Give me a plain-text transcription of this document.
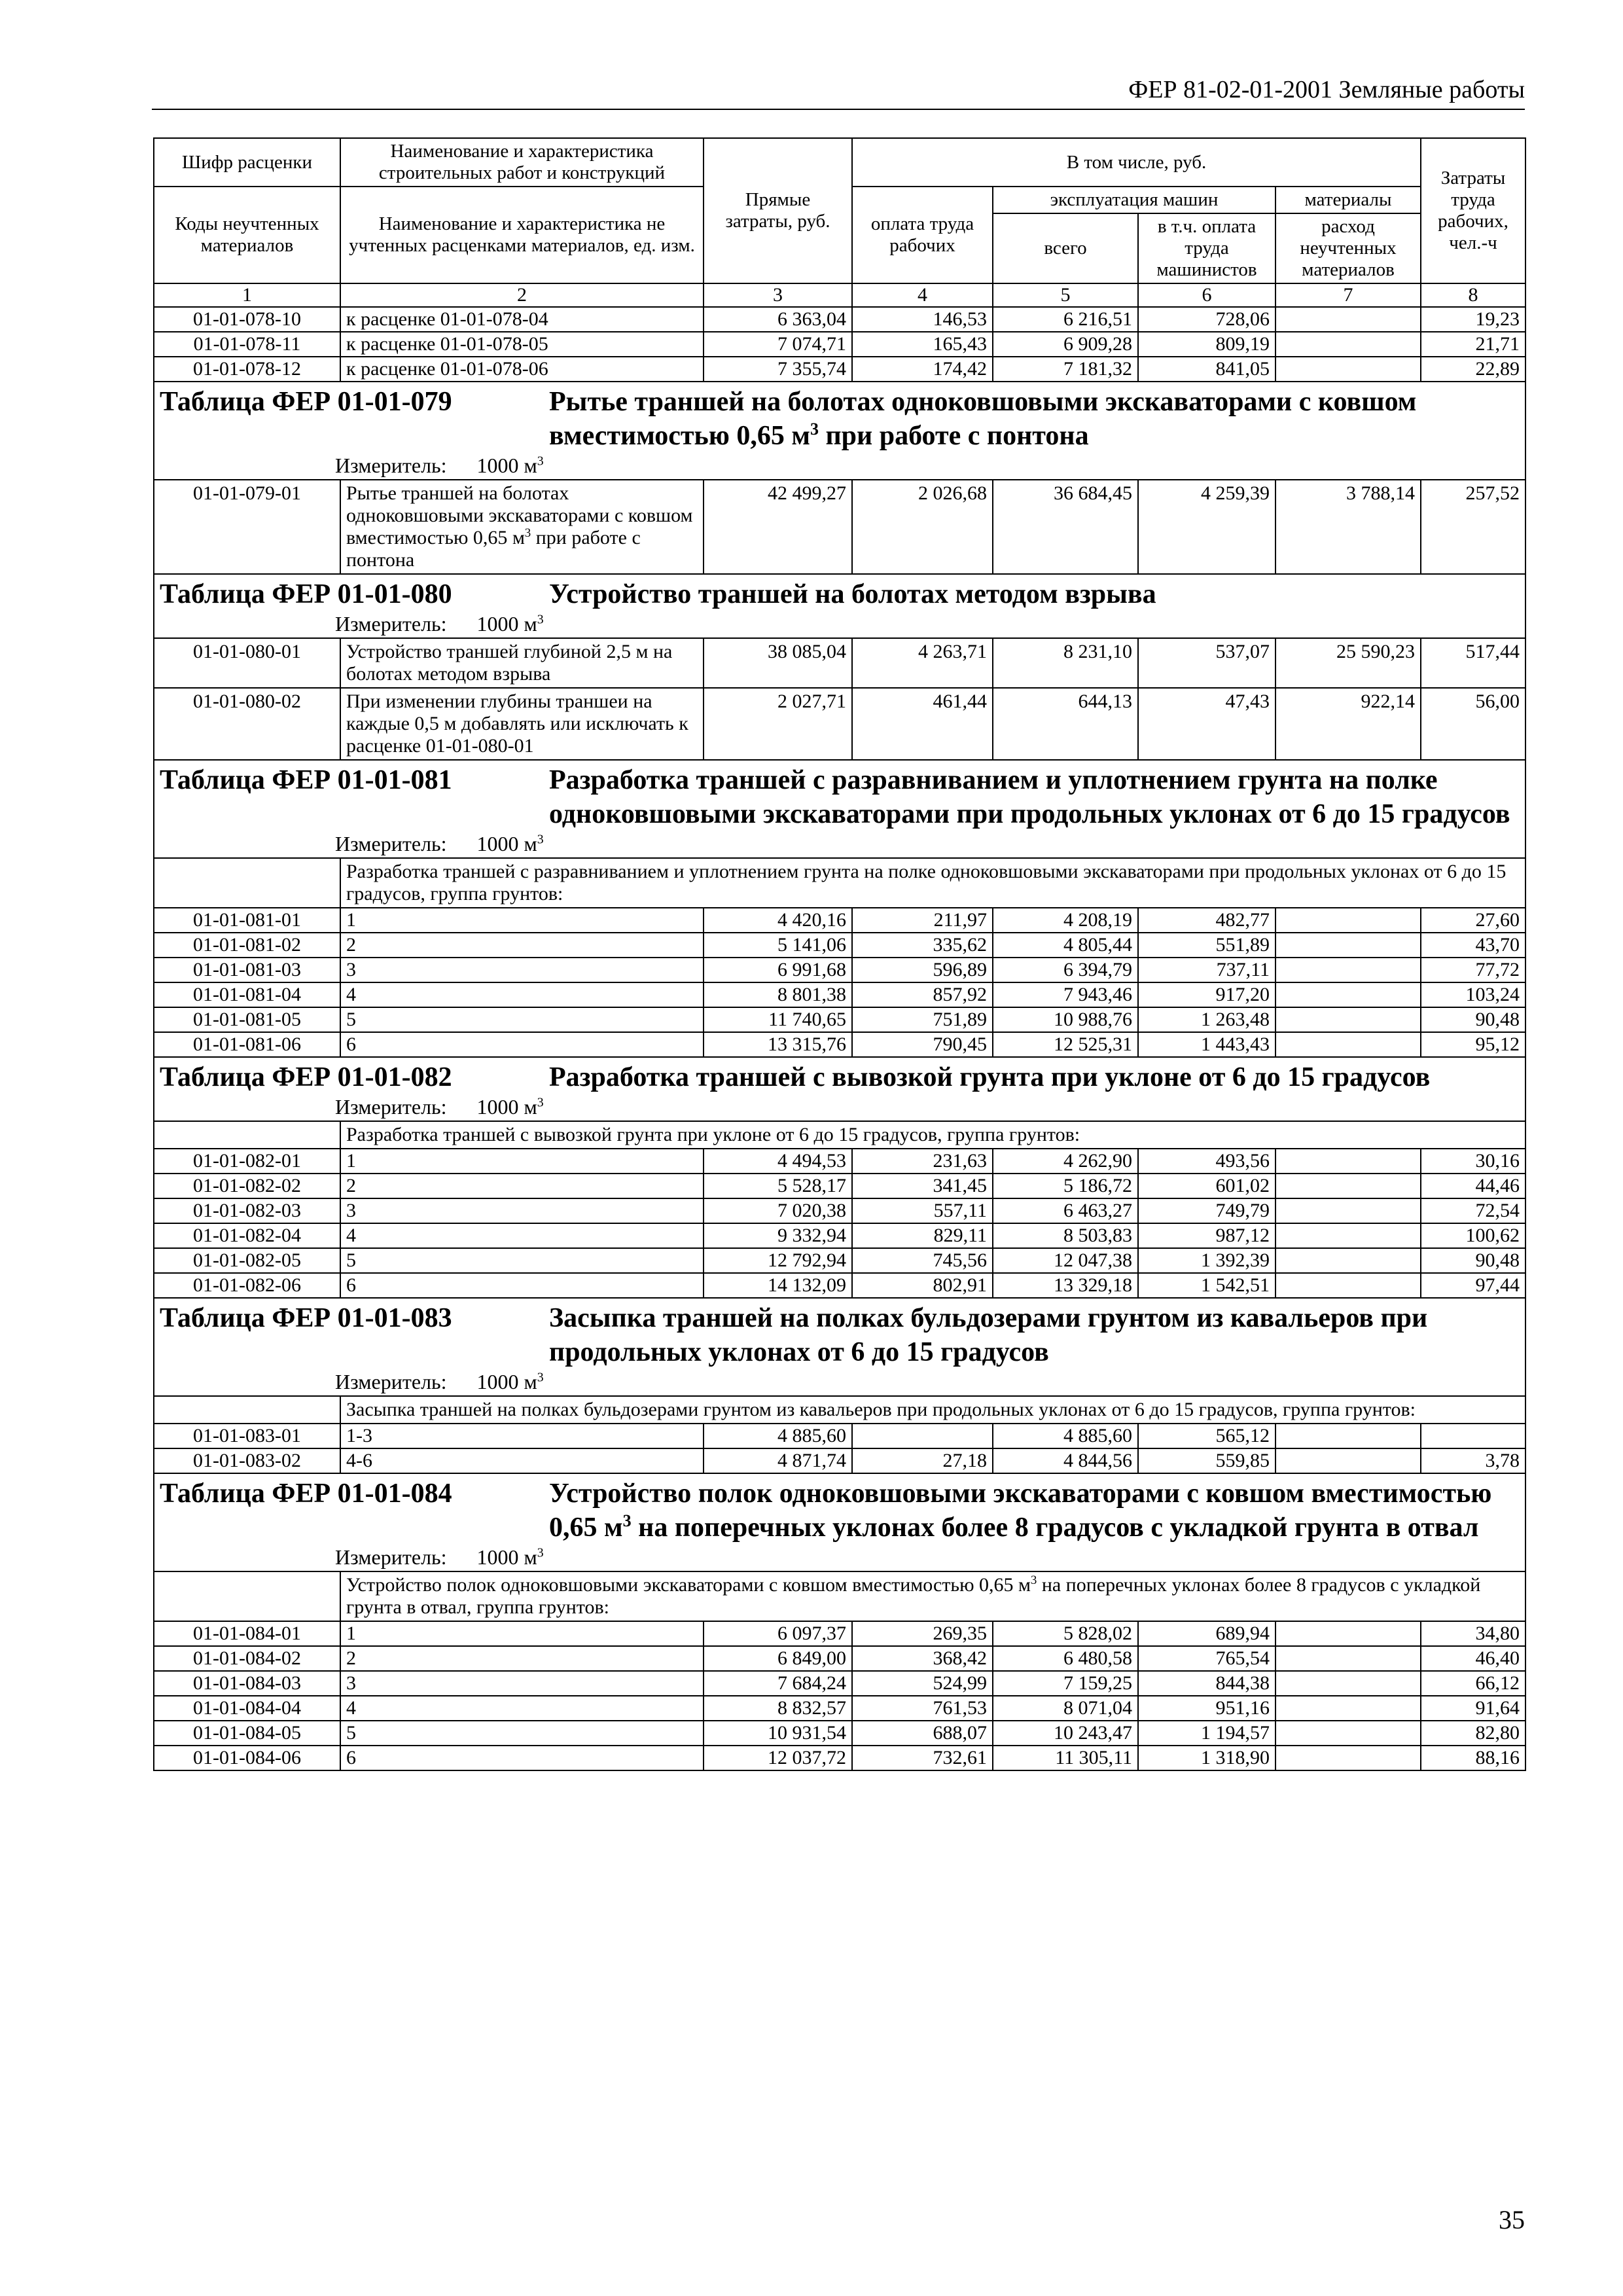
ФЕР 81-02-01-2001 Земляные работы
Шифр расценки	Наименование и характеристика строительных работ и конструкций	Прямые затраты, руб.	В том числе, руб.				Затраты труда рабочих, чел.-ч
Коды неучтенных материалов	Наименование и характеристика не учтенных расценками материалов, ед. изм.		оплата труда рабочих	эксплуатация машин		материалы	
				всего	в т.ч. оплата труда машинистов	расход неучтенных материалов	
1	2	3	4	5	6	7	8
01-01-078-10	к расценке 01-01-078-04	6 363,04	146,53	6 216,51	728,06		19,23
01-01-078-11	к расценке 01-01-078-05	7 074,71	165,43	6 909,28	809,19		21,71
01-01-078-12	к расценке 01-01-078-06	7 355,74	174,42	7 181,32	841,05		22,89

Таблица ФЕР 01-01-079 Рытье траншей на болотах одноковшовыми экскаваторами с ковшом вместимостью 0,65 $м^3$ при работе с понтона
Измеритель: 1000 $м^3$

01-01-079-01	Рытье траншей на болотах одноковшовыми экскаваторами с ковшом вместимостью 0,65 $м^3$ при работе с понтона	42 499,27	2 026,68	36 684,45	4 259,39	3 788,14	257,52

Таблица ФЕР 01-01-080 Устройство траншей на болотах методом взрыва
Измеритель: 1000 $м^3$

01-01-080-01	Устройство траншей глубиной 2,5 м на болотах методом взрыва	38 085,04	4 263,71	8 231,10	537,07	25 590,23	517,44
01-01-080-02	При изменении глубины траншеи на каждые 0,5 м добавлять или исключать к расценке 01-01-080-01	2 027,71	461,44	644,13	47,43	922,14	56,00

Таблица ФЕР 01-01-081 Разработка траншей с разравниванием и уплотнением грунта на полке одноковшовыми экскаваторами при продольных уклонах от 6 до 15 градусов
Измеритель: 1000 $м^3$

	Разработка траншей с разравниванием и уплотнением грунта на полке одноковшовыми экскаваторами при продольных уклонах от 6 до 15 градусов, группа грунтов:						
01-01-081-01	1	4 420,16	211,97	4 208,19	482,77		27,60
01-01-081-02	2	5 141,06	335,62	4 805,44	551,89		43,70
01-01-081-03	3	6 991,68	596,89	6 394,79	737,11		77,72
01-01-081-04	4	8 801,38	857,92	7 943,46	917,20		103,24
01-01-081-05	5	11 740,65	751,89	10 988,76	1 263,48		90,48
01-01-081-06	6	13 315,76	790,45	12 525,31	1 443,43		95,12

Таблица ФЕР 01-01-082 Разработка траншей с вывозкой грунта при уклоне от 6 до 15 градусов
Измеритель: 1000 $м^3$

	Разработка траншей с вывозкой грунта при уклоне от 6 до 15 градусов, группа грунтов:						
01-01-082-01	1	4 494,53	231,63	4 262,90	493,56		30,16
01-01-082-02	2	5 528,17	341,45	5 186,72	601,02		44,46
01-01-082-03	3	7 020,38	557,11	6 463,27	749,79		72,54
01-01-082-04	4	9 332,94	829,11	8 503,83	987,12		100,62
01-01-082-05	5	12 792,94	745,56	12 047,38	1 392,39		90,48
01-01-082-06	6	14 132,09	802,91	13 329,18	1 542,51		97,44

Таблица ФЕР 01-01-083 Засыпка траншей на полках бульдозерами грунтом из кавальеров при продольных уклонах от 6 до 15 градусов
Измеритель: 1000 $м^3$

	Засыпка траншей на полках бульдозерами грунтом из кавальеров при продольных уклонах от 6 до 15 градусов, группа грунтов:						
01-01-083-01	1-3	4 885,60		4 885,60	565,12		
01-01-083-02	4-6	4 871,74	27,18	4 844,56	559,85		3,78

Таблица ФЕР 01-01-084 Устройство полок одноковшовыми экскаваторами с ковшом вместимостью 0,65 $м^3$ на поперечных уклонах более 8 градусов с укладкой грунта в отвал
Измеритель: 1000 $м^3$

	Устройство полок одноковшовыми экскаваторами с ковшом вместимостью 0,65 $м^3$ на поперечных уклонах более 8 градусов с укладкой грунта в отвал, группа грунтов:						
01-01-084-01	1	6 097,37	269,35	5 828,02	689,94		34,80
01-01-084-02	2	6 849,00	368,42	6 480,58	765,54		46,40
01-01-084-03	3	7 684,24	524,99	7 159,25	844,38		66,12
01-01-084-04	4	8 832,57	761,53	8 071,04	951,16		91,64
01-01-084-05	5	10 931,54	688,07	10 243,47	1 194,57		82,80
01-01-084-06	6	12 037,72	732,61	11 305,11	1 318,90		88,16
35
